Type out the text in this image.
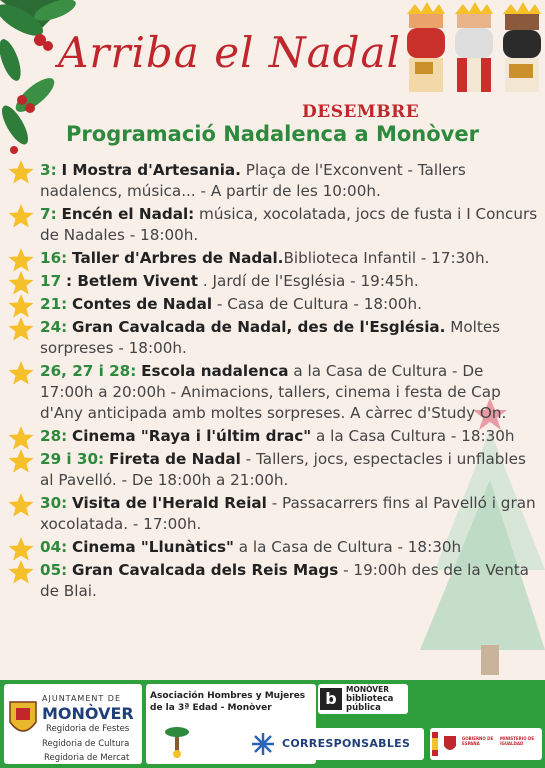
Arriba el Nadal
DESEMBRE
Programació Nadalenca a Monòver
3: I Mostra d'Artesania. Plaça de l'Exconvent - Tallers nadalencs, música... - A partir de les 10:00h.
7: Encén el Nadal: música, xocolatada, jocs de fusta i I Concurs de Nadales - 18:00h.
16: Taller d'Arbres de Nadal.Biblioteca Infantil - 17:30h.
17 : Betlem Vivent . Jardí de l'Església - 19:45h.
21: Contes de Nadal - Casa de Cultura - 18:00h.
24: Gran Cavalcada de Nadal, des de l'Església. Moltes sorpreses - 18:00h.
26, 27 i 28: Escola nadalenca a la Casa de Cultura - De 17:00h a 20:00h - Animacions, tallers, cinema i festa de Cap d'Any anticipada amb moltes sorpreses. A càrrec d'Study On.
28: Cinema "Raya i l'últim drac" a la Casa Cultura - 18:30h
29 i 30: Fireta de Nadal - Tallers, jocs, espectacles i unflables al Pavelló. - De 18:00h a 21:00h.
30: Visita de l'Herald Reial - Passacarrers fins al Pavelló i gran xocolatada. - 17:00h.
04: Cinema "Llunàtics" a la Casa de Cultura - 18:30h
05: Gran Cavalcada dels Reis Mags - 19:00h des de la Venta de Blai.
AJUNTAMENT DE
MONÒVER
Regidoria de Festes
Regidoria de Cultura
Regidoria de Mercat
Asociación Hombres y Mujeres de la 3ª Edad - Monòver	b	MONÒVER
biblioteca
pública
CORRESPONSABLES	GOBIERNO DE ESPAÑA
MINISTERIO DE IGUALDAD
